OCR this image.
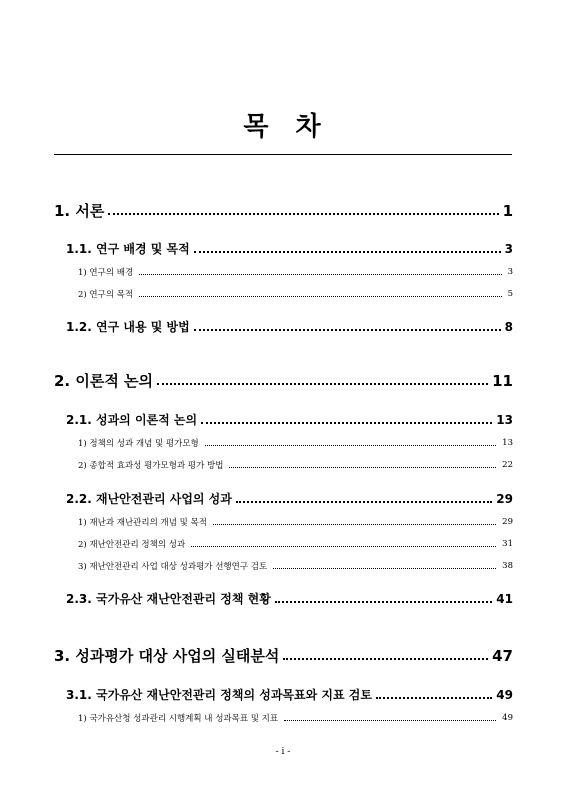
목 차
1. 서론	1
1.1. 연구 배경 및 목적	3
1) 연구의 배경	3
2) 연구의 목적	5
1.2. 연구 내용 및 방법	8
2. 이론적 논의	11
2.1. 성과의 이론적 논의	13
1) 정책의 성과 개념 및 평가모형	13
2) 종합적 효과성 평가모형과 평가 방법	22
2.2. 재난안전관리 사업의 성과	29
1) 재난과 재난관리의 개념 및 목적	29
2) 재난안전관리 정책의 성과	31
3) 재난안전관리 사업 대상 성과평가 선행연구 검토	38
2.3. 국가유산 재난안전관리 정책 현황	41
3. 성과평가 대상 사업의 실태분석	47
3.1. 국가유산 재난안전관리 정책의 성과목표와 지표 검토	49
1) 국가유산청 성과관리 시행계획 내 성과목표 및 지표	49
- i -
